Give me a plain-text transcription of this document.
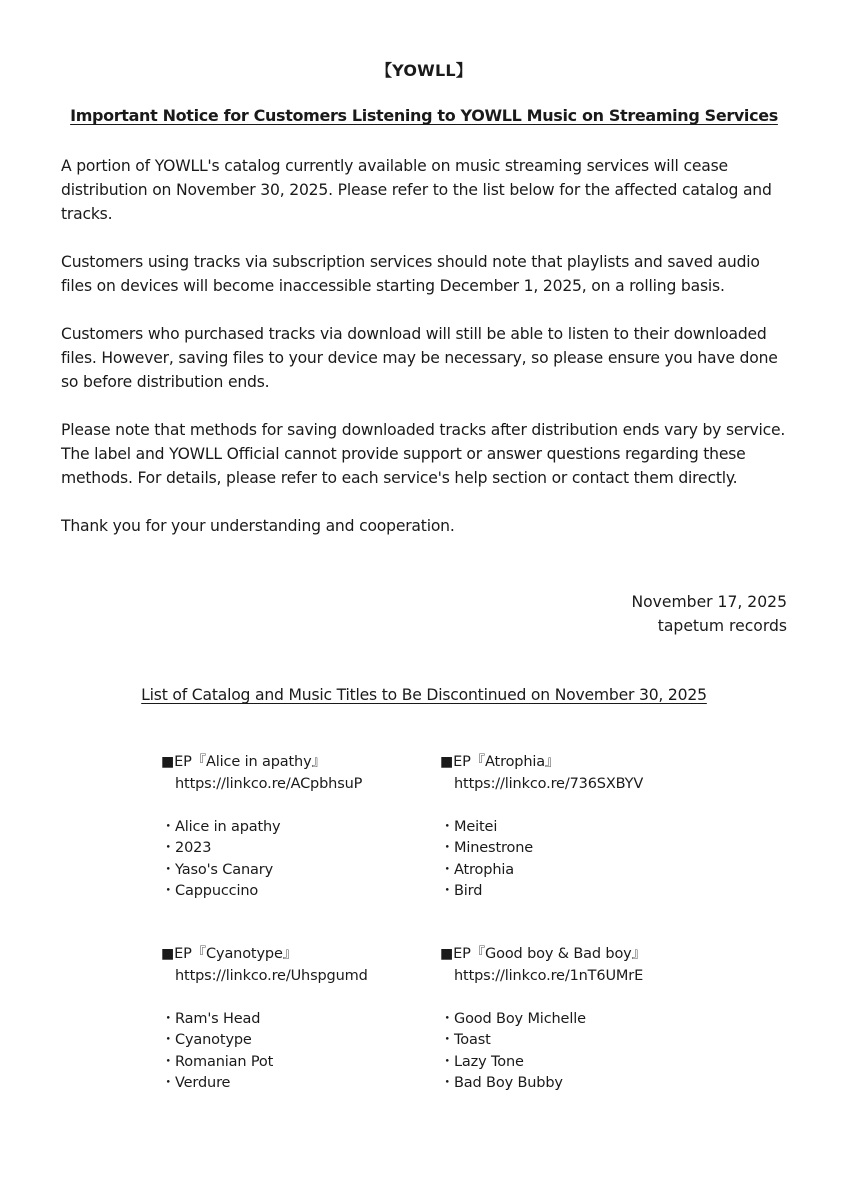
【YOWLL】
Important Notice for Customers Listening to YOWLL Music on Streaming Services

A portion of YOWLL's catalog currently available on music streaming services will cease distribution on November 30, 2025. Please refer to the list below for the affected catalog and tracks.

Customers using tracks via subscription services should note that playlists and saved audio files on devices will become inaccessible starting December 1, 2025, on a rolling basis.

Customers who purchased tracks via download will still be able to listen to their downloaded files. However, saving files to your device may be necessary, so please ensure you have done so before distribution ends.

Please note that methods for saving downloaded tracks after distribution ends vary by service. The label and YOWLL Official cannot provide support or answer questions regarding these methods. For details, please refer to each service's help section or contact them directly.

Thank you for your understanding and cooperation.

November 17, 2025
tapetum records
List of Catalog and Music Titles to Be Discontinued on November 30, 2025
■EP『Alice in apathy』
https://linkco.re/ACpbhsuP
・Alice in apathy
・2023
・Yaso's Canary
・Cappuccino
■EP『Atrophia』
https://linkco.re/736SXBYV
・Meitei
・Minestrone
・Atrophia
・Bird
■EP『Cyanotype』
https://linkco.re/Uhspgumd
・Ram's Head
・Cyanotype
・Romanian Pot
・Verdure
■EP『Good boy & Bad boy』
https://linkco.re/1nT6UMrE
・Good Boy Michelle
・Toast
・Lazy Tone
・Bad Boy Bubby
